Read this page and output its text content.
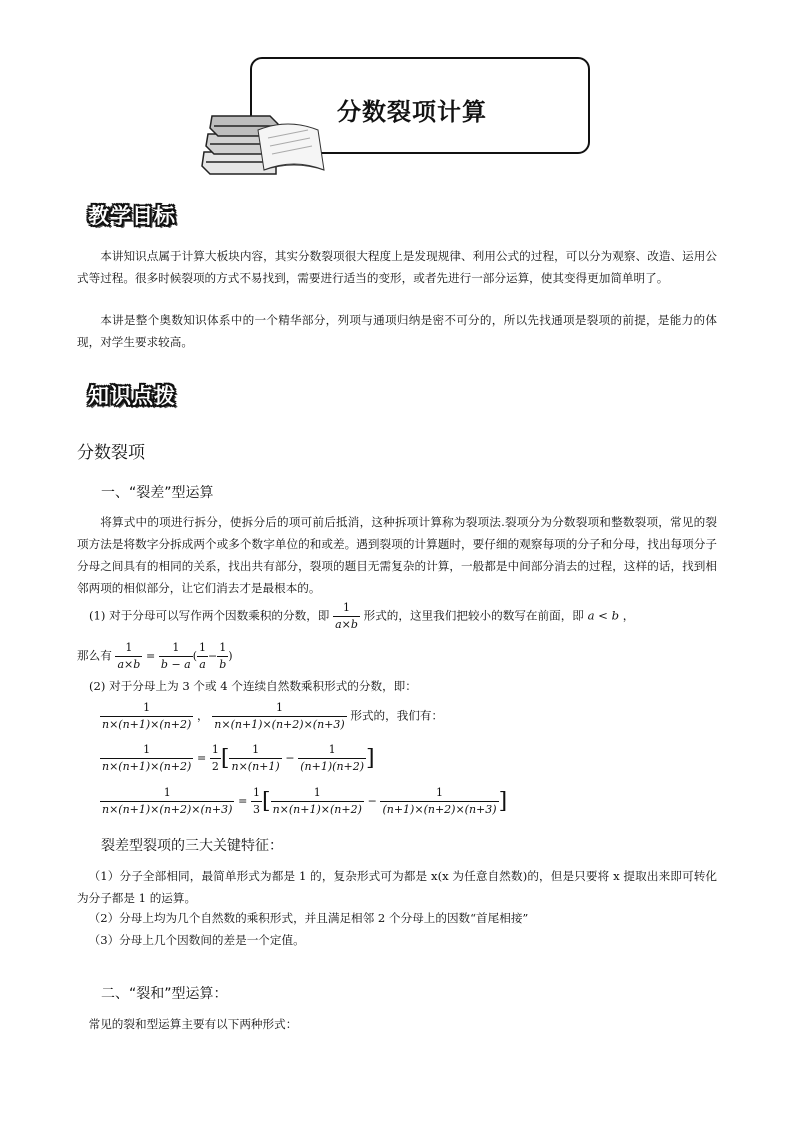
分数裂项计算
教学目标
本讲知识点属于计算大板块内容，其实分数裂项很大程度上是发现规律、利用公式的过程，可以分为观察、改造、运用公式等过程。很多时候裂项的方式不易找到，需要进行适当的变形，或者先进行一部分运算，使其变得更加简单明了。
本讲是整个奥数知识体系中的一个精华部分，列项与通项归纳是密不可分的，所以先找通项是裂项的前提，是能力的体现，对学生要求较高。
知识点拨
分数裂项
一、“裂差”型运算
将算式中的项进行拆分，使拆分后的项可前后抵消，这种拆项计算称为裂项法.裂项分为分数裂项和整数裂项，常见的裂项方法是将数字分拆成两个或多个数字单位的和或差。遇到裂项的计算题时，要仔细的观察每项的分子和分母，找出每项分子分母之间具有的相同的关系，找出共有部分，裂项的题目无需复杂的计算，一般都是中间部分消去的过程，这样的话，找到相邻两项的相似部分，让它们消去才是最根本的。
(1) 对于分母可以写作两个因数乘积的分数，即 $\frac{1}{a\times b}$ 形式的，这里我们把较小的数写在前面，即 a < b ，
那么有 $\frac{1}{a\times b} = \frac{1}{b - a}$ ( $\frac{1}{a} - \frac{1}{b}$ )
(2) 对于分母上为 3 个或 4 个连续自然数乘积形式的分数，即：
$\frac{1}{n\times(n+1)\times(n+2)}$ ， $\frac{1}{n\times(n+1)\times(n+2)\times(n+3)}$ 形式的，我们有：
$\frac{1}{n\times(n+1)\times(n+2)} = \frac{1}{2}$ [ $\frac{1}{n\times(n+1)} - \frac{1}{(n+1)(n+2)}$ ]
$\frac{1}{n\times(n+1)\times(n+2)\times(n+3)} = \frac{1}{3}$ [ $\frac{1}{n\times(n+1)\times(n+2)} - \frac{1}{(n+1)\times(n+2)\times(n+3)}$ ]
裂差型裂项的三大关键特征：
（1）分子全部相同，最简单形式为都是 1 的，复杂形式可为都是 x(x 为任意自然数)的，但是只要将 x 提取出来即可转化为分子都是 1 的运算。
（2）分母上均为几个自然数的乘积形式，并且满足相邻 2 个分母上的因数“首尾相接”
（3）分母上几个因数间的差是一个定值。
二、“裂和”型运算：
常见的裂和型运算主要有以下两种形式：
